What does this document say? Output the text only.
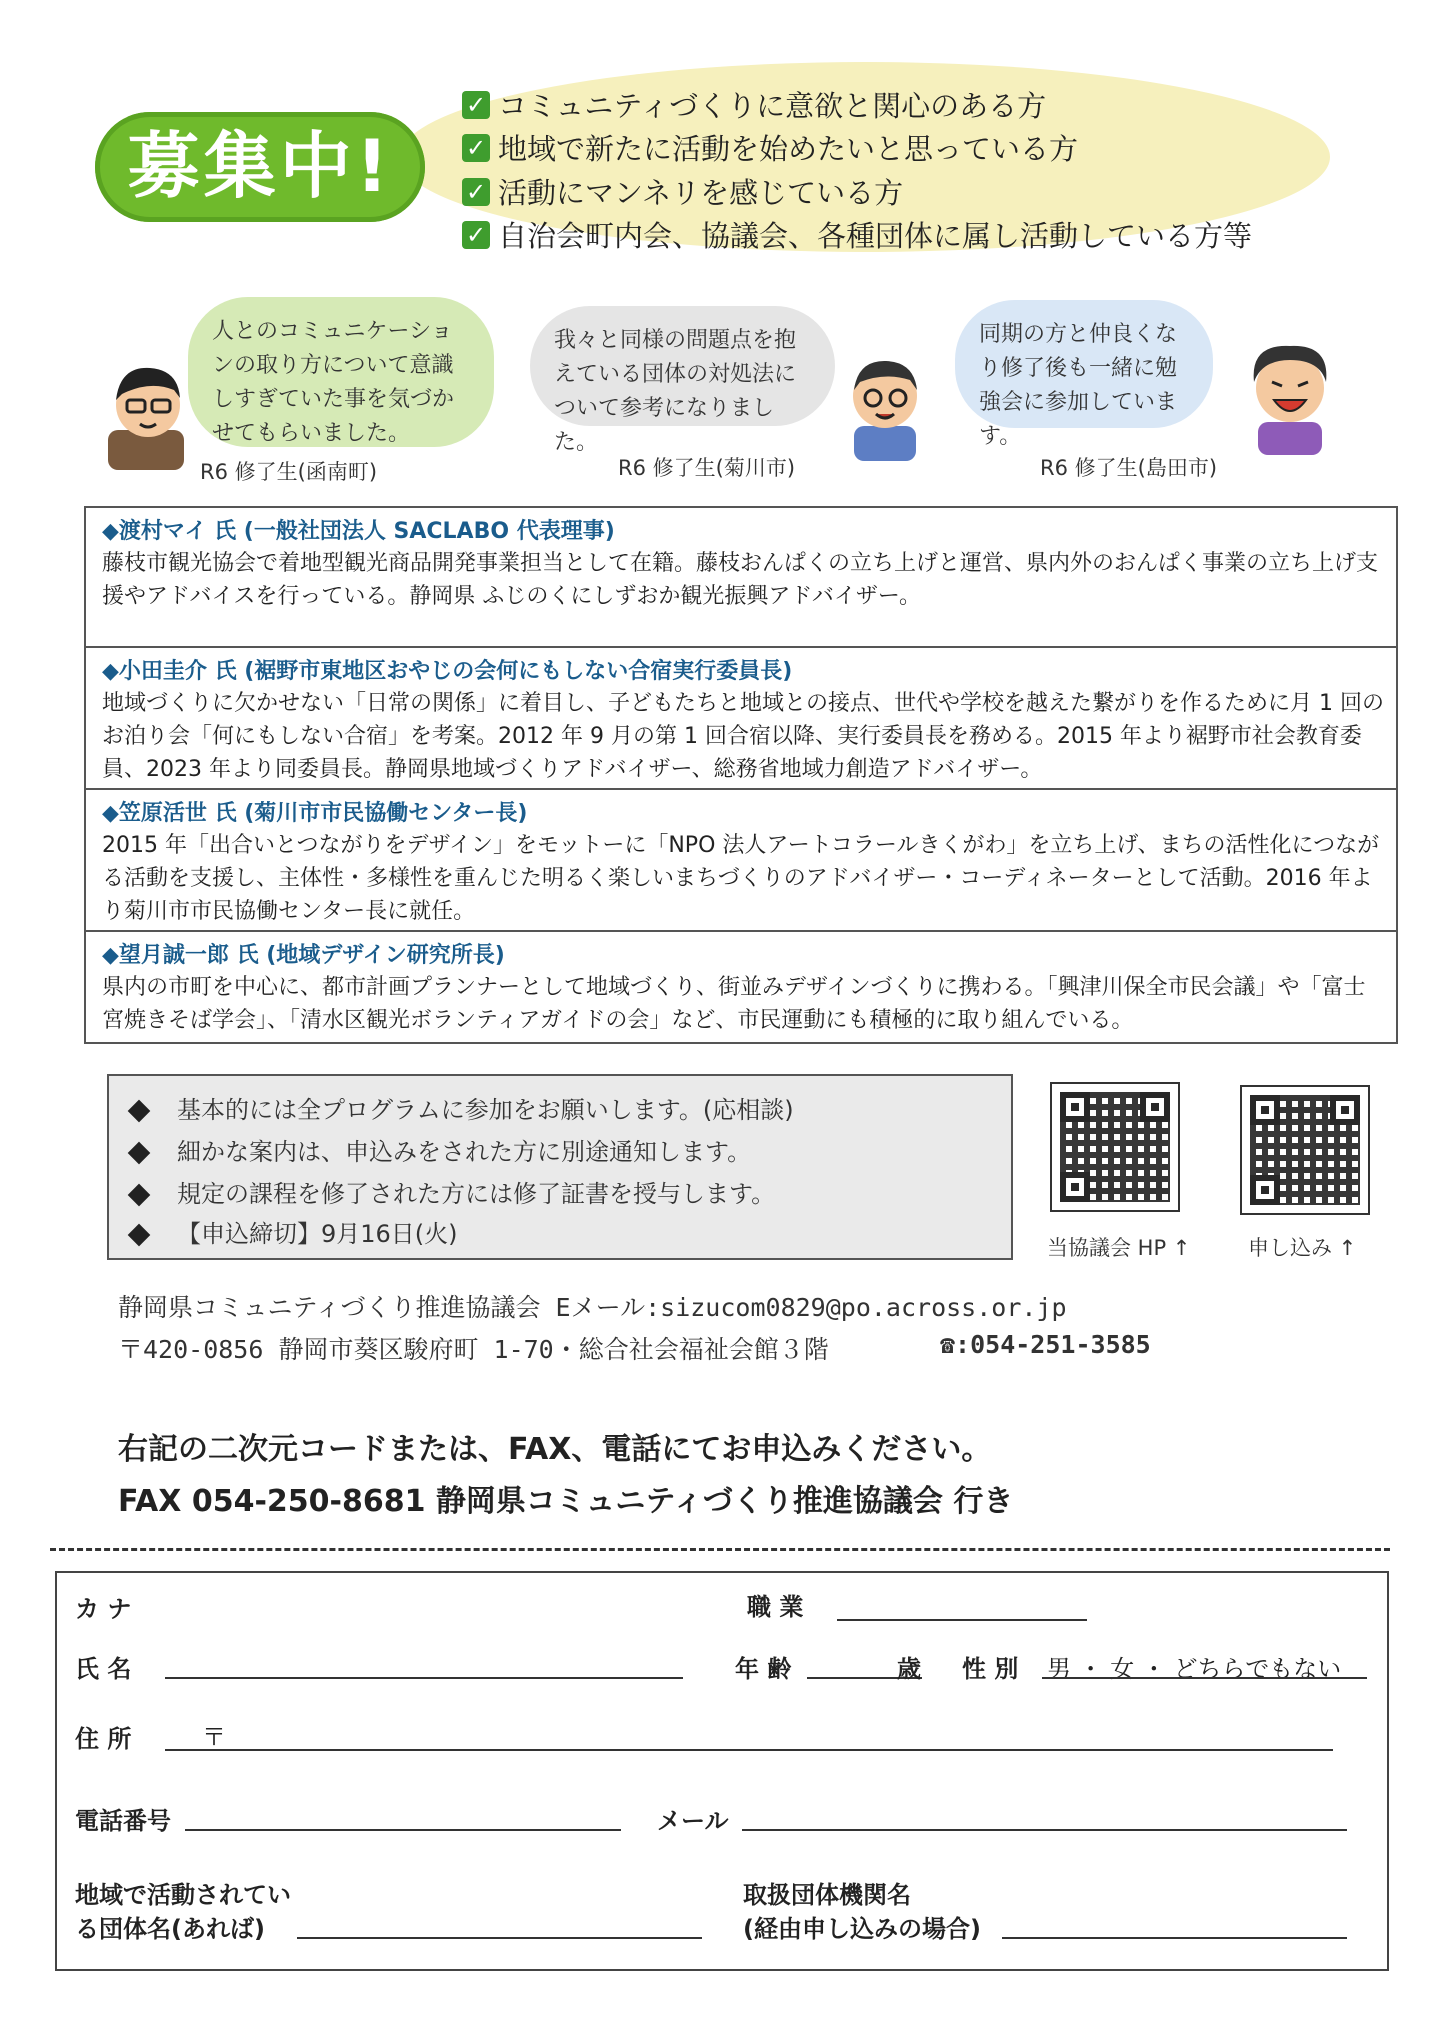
募集中!
✓ コミュニティづくりに意欲と関心のある方
✓ 地域で新たに活動を始めたいと思っている方
✓ 活動にマンネリを感じている方
✓ 自治会町内会、協議会、各種団体に属し活動している方等
人とのコミュニケーションの取り方について意識しすぎていた事を気づかせてもらいました。
R6 修了生(函南町)
我々と同様の問題点を抱えている団体の対処法について参考になりました。
R6 修了生(菊川市)
同期の方と仲良くなり修了後も一緒に勉強会に参加しています。
R6 修了生(島田市)
◆渡村マイ 氏 (一般社団法人 SACLABO 代表理事)
藤枝市観光協会で着地型観光商品開発事業担当として在籍。藤枝おんぱくの立ち上げと運営、県内外のおんぱく事業の立ち上げ支援やアドバイスを行っている。静岡県 ふじのくにしずおか観光振興アドバイザー。
◆小田圭介 氏 (裾野市東地区おやじの会何にもしない合宿実行委員長)
地域づくりに欠かせない「日常の関係」に着目し、子どもたちと地域との接点、世代や学校を越えた繋がりを作るために月 1 回のお泊り会「何にもしない合宿」を考案。2012 年 9 月の第 1 回合宿以降、実行委員長を務める。2015 年より裾野市社会教育委員、2023 年より同委員長。静岡県地域づくりアドバイザー、総務省地域力創造アドバイザー。
◆笠原活世 氏 (菊川市市民協働センター長)
2015 年「出合いとつながりをデザイン」をモットーに「NPO 法人アートコラールきくがわ」を立ち上げ、まちの活性化につながる活動を支援し、主体性・多様性を重んじた明るく楽しいまちづくりのアドバイザー・コーディネーターとして活動。2016 年より菊川市市民協働センター長に就任。
◆望月誠一郎 氏 (地域デザイン研究所長)
県内の市町を中心に、都市計画プランナーとして地域づくり、街並みデザインづくりに携わる。「興津川保全市民会議」や「富士宮焼きそば学会」、「清水区観光ボランティアガイドの会」など、市民運動にも積極的に取り組んでいる。
基本的には全プログラムに参加をお願いします。(応相談)
細かな案内は、申込みをされた方に別途通知します。
規定の課程を修了された方には修了証書を授与します。
【申込締切】9月16日(火)	当協議会 HP ↑	申し込み ↑
静岡県コミュニティづくり推進協議会 Eメール:sizucom0829@po.across.or.jp
〒420-0856 静岡市葵区駿府町 1-70・総合社会福祉会館３階	☎:054-251-3585
右記の二次元コードまたは、FAX、電話にてお申込みください。
FAX 054-250-8681 静岡県コミュニティづくり推進協議会 行き
カ ナ	職 業
氏 名	年 齢	歳 性 別 男 ・ 女 ・ どちらでもない
住 所	〒
電話番号	メール
地域で活動されてい
る団体名(あれば)
取扱団体機関名
(経由申し込みの場合)
